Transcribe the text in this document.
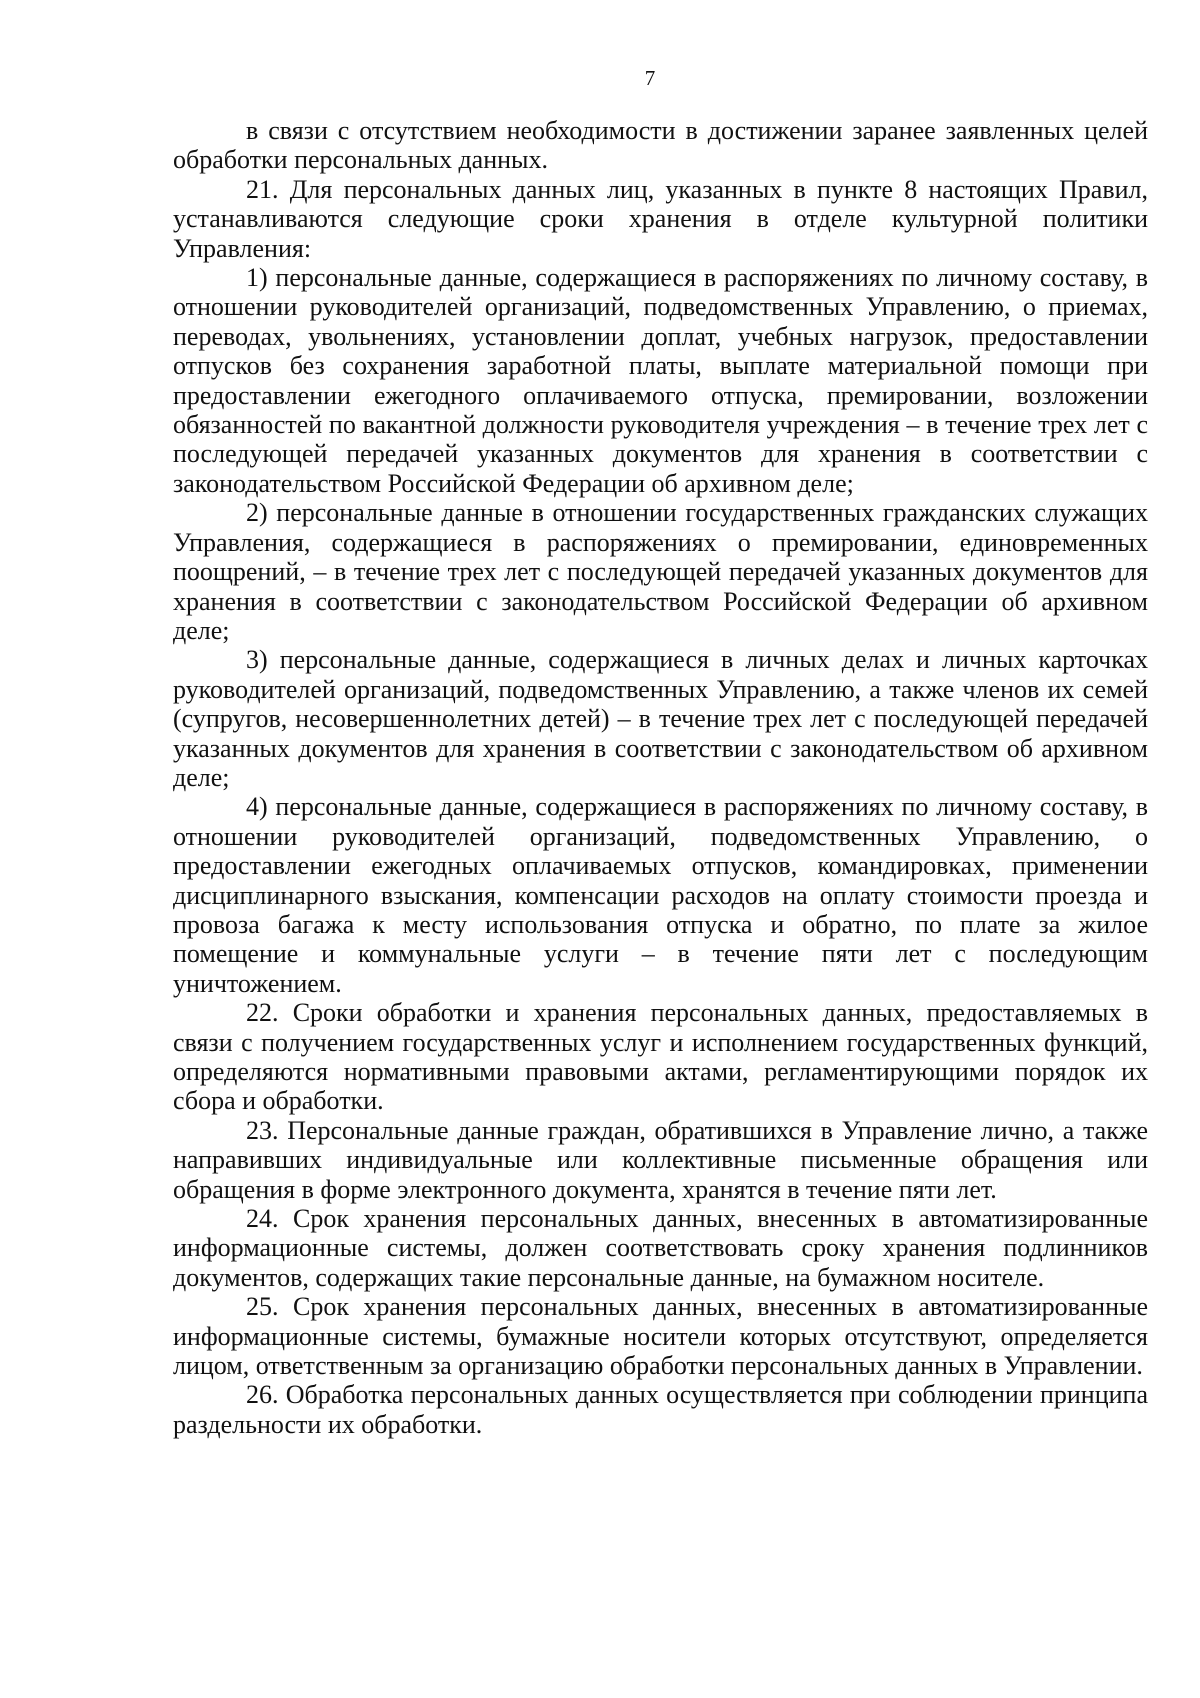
7

в связи с отсутствием необходимости в достижении заранее заявленных целей обработки персональных данных.

21. Для персональных данных лиц, указанных в пункте 8 настоящих Правил, устанавливаются следующие сроки хранения в отделе культурной политики Управления:

1) персональные данные, содержащиеся в распоряжениях по личному составу, в отношении руководителей организаций, подведомственных Управлению, о приемах, переводах, увольнениях, установлении доплат, учебных нагрузок, предоставлении отпусков без сохранения заработной платы, выплате материальной помощи при предоставлении ежегодного оплачиваемого отпуска, премировании, возложении обязанностей по вакантной должности руководителя учреждения – в течение трех лет с последующей передачей указанных документов для хранения в соответствии с законодательством Российской Федерации об архивном деле;

2) персональные данные в отношении государственных гражданских служащих Управления, содержащиеся в распоряжениях о премировании, единовременных поощрений, – в течение трех лет с последующей передачей указанных документов для хранения в соответствии с законодательством Российской Федерации об архивном деле;

3) персональные данные, содержащиеся в личных делах и личных карточках руководителей организаций, подведомственных Управлению, а также членов их семей (супругов, несовершеннолетних детей) – в течение трех лет с последующей передачей указанных документов для хранения в соответствии с законодательством об архивном деле;

4) персональные данные, содержащиеся в распоряжениях по личному составу, в отношении руководителей организаций, подведомственных Управлению, о предоставлении ежегодных оплачиваемых отпусков, командировках, применении дисциплинарного взыскания, компенсации расходов на оплату стоимости проезда и провоза багажа к месту использования отпуска и обратно, по плате за жилое помещение и коммунальные услуги – в течение пяти лет с последующим уничтожением.

22. Сроки обработки и хранения персональных данных, предоставляемых в связи с получением государственных услуг и исполнением государственных функций, определяются нормативными правовыми актами, регламентирующими порядок их сбора и обработки.

23. Персональные данные граждан, обратившихся в Управление лично, а также направивших индивидуальные или коллективные письменные обращения или обращения в форме электронного документа, хранятся в течение пяти лет.

24. Срок хранения персональных данных, внесенных в автоматизированные информационные системы, должен соответствовать сроку хранения подлинников документов, содержащих такие персональные данные, на бумажном носителе.

25. Срок хранения персональных данных, внесенных в автоматизированные информационные системы, бумажные носители которых отсутствуют, определяется лицом, ответственным за организацию обработки персональных данных в Управлении.

26. Обработка персональных данных осуществляется при соблюдении принципа раздельности их обработки.
